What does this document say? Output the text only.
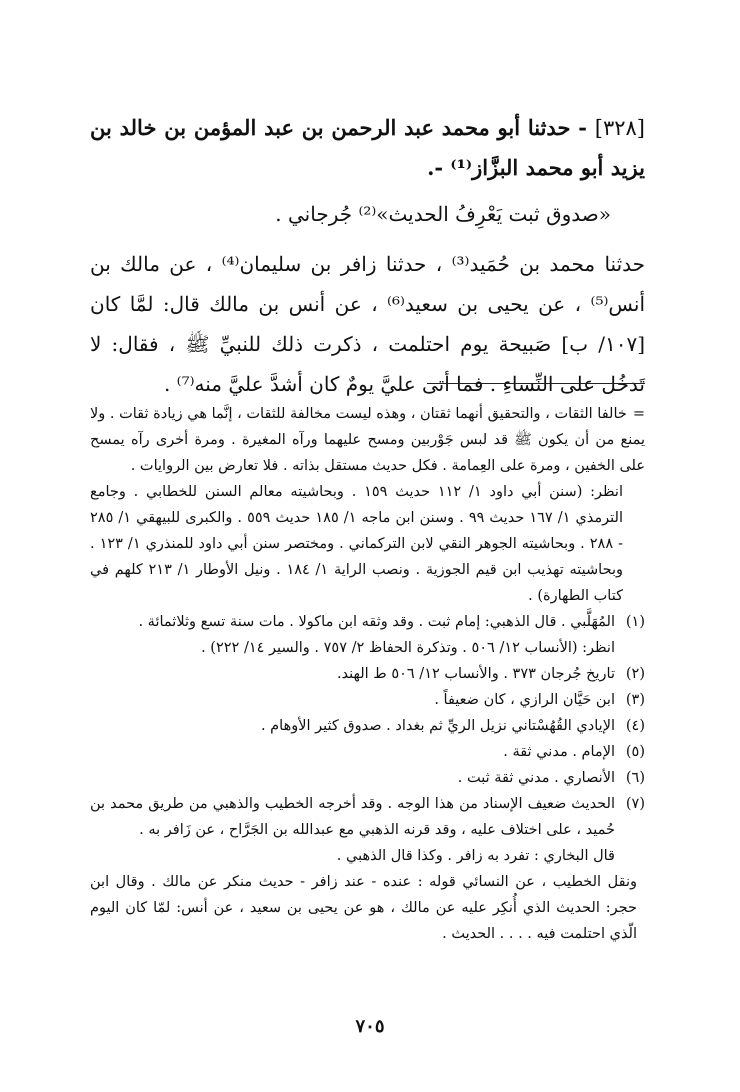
[٣٢٨] - حدثنا أبو محمد عبد الرحمن بن عبد المؤمن بن خالد بن يزيد أبو محمد البزَّاز⁽¹⁾ -.

«صدوق ثبت يَعْرِفُ الحديث»⁽²⁾ جُرجاني .

حدثنا محمد بن حُمَيد⁽³⁾ ، حدثنا زافر بن سليمان⁽⁴⁾ ، عن مالك بن أنس⁽⁵⁾ ، عن يحيى بن سعيد⁽⁶⁾ ، عن أنس بن مالك قال: لمَّا كان [١٠٧/ ب] صَبيحة يوم احتلمت ، ذكرت ذلك للنبيِّ ﷺ ، فقال: لا تَدخُل على النِّساءِ . فما أتى عليَّ يومٌ كان أشدَّ عليَّ منه⁽⁷⁾ .

=خالفا الثقات ، والتحقيق أنهما ثقتان ، وهذه ليست مخالفة للثقات ، إنَّما هي زيادة ثقات . ولا يمنع من أن يكون ﷺ قد لبس جَوْربين ومسح عليهما ورآه المغيرة . ومرة أخرى رآه يمسح على الخفين ، ومرة على العِمامة . فكل حديث مستقل بذاته . فلا تعارض بين الروايات .

انظر: (سنن أبي داود ١/ ١١٢ حديث ١٥٩ . وبحاشيته معالم السنن للخطابي . وجامع الترمذي ١/ ١٦٧ حديث ٩٩ . وسنن ابن ماجه ١/ ١٨٥ حديث ٥٥٩ . والكبرى للبيهقي ١/ ٢٨٥ - ٢٨٨ . وبحاشيته الجوهر النقي لابن التركماني . ومختصر سنن أبي داود للمنذري ١/ ١٢٣ . وبحاشيته تهذيب ابن قيم الجوزية . ونصب الراية ١/ ١٨٤ . ونيل الأوطار ١/ ٢١٣ كلهم في كتاب الطهارة) .

(١)
المُهَلَّبي . قال الذهبي: إمام ثبت . وقد وثقه ابن ماكولا . مات سنة تسع وثلاثمائة .

انظر: (الأنساب ١٢/ ٥٠٦ . وتذكرة الحفاظ ٢/ ٧٥٧ . والسير ١٤/ ٢٢٢) .

(٢)
تاريخ جُرجان ٣٧٣ . والأنساب ١٢/ ٥٠٦ ط الهند.
(٣)
ابن حَيَّان الرازي ، كان ضعيفاً .
(٤)
الإيادي القُهُسْتاني نزيل الريِّ ثم بغداد . صدوق كثير الأوهام .
(٥)
الإمام . مدني ثقة .
(٦)
الأنصاري . مدني ثقة ثبت .
(٧)
الحديث ضعيف الإسناد من هذا الوجه . وقد أخرجه الخطيب والذهبي من طريق محمد بن حُميد ، على اختلاف عليه ، وقد قرنه الذهبي مع عبدالله بن الجَرَّاح ، عن زَافر به .

قال البخاري : تفرد به زافر . وكذا قال الذهبي .

ونقل الخطيب ، عن النسائي قوله : عنده - عند زافر - حديث منكر عن مالك . وقال ابن حجر: الحديث الذي أُنكِر عليه عن مالك ، هو عن يحيى بن سعيد ، عن أنس: لمّا كان اليوم الّذي احتلمت فيه . . . . الحديث .

٧٠٥
